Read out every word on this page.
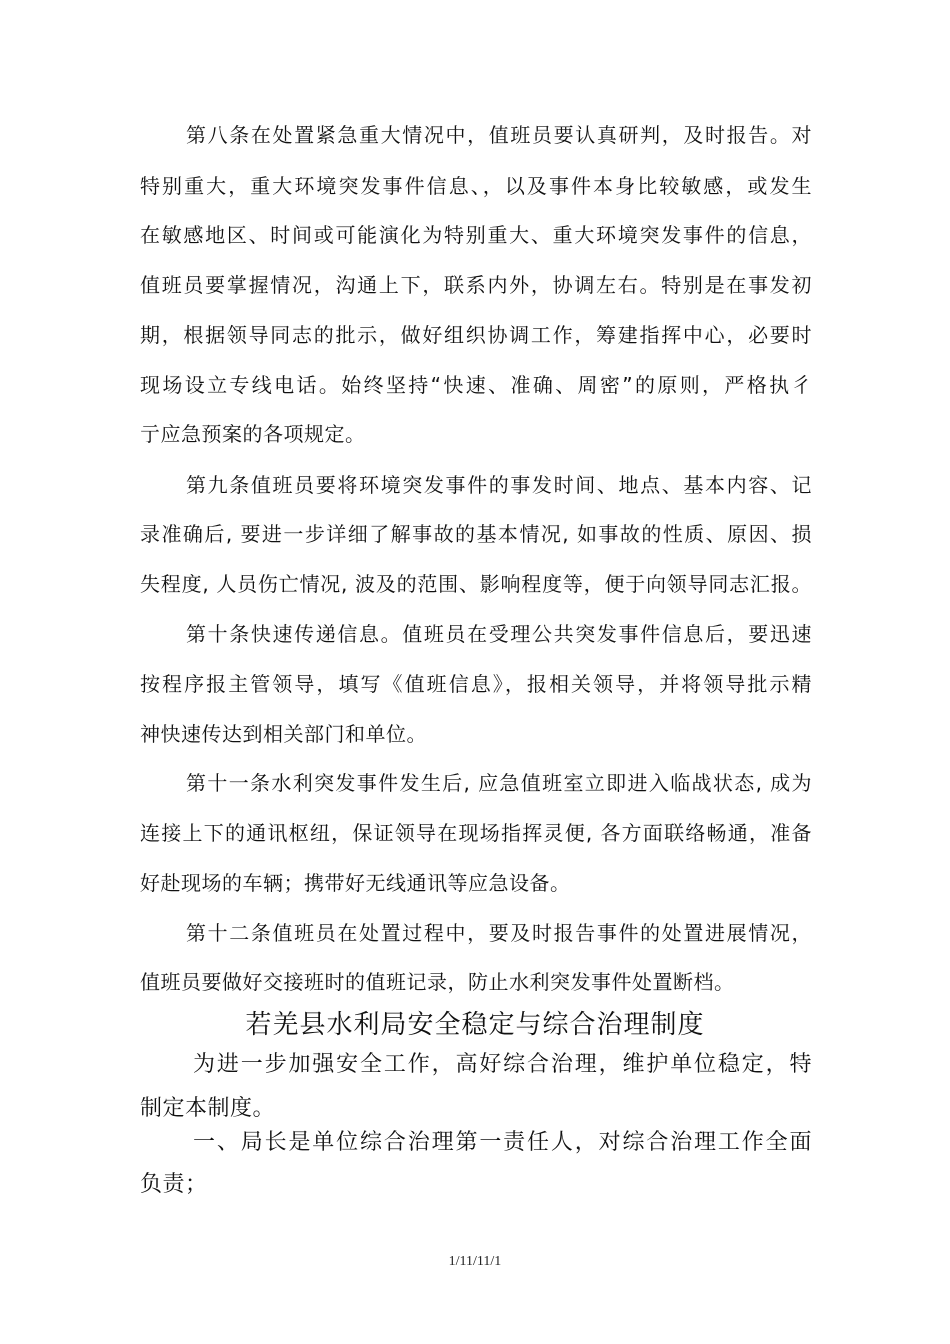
第八条在处置紧急重大情况中，值班员要认真研判，及时报告。对
特别重大，重大环境突发事件信息、，以及事件本身比较敏感，或发生
在敏感地区、时间或可能演化为特别重大、重大环境突发事件的信息，
值班员要掌握情况，沟通上下，联系内外，协调左右。特别是在事发初
期，根据领导同志的批示，做好组织协调工作，筹建指挥中心，必要时
现场设立专线电话。始终坚持“快速、准确、周密”的原则，严格执彳
亍应急预案的各项规定。
第九条值班员要将环境突发事件的事发时间、地点、基本内容、记
录准确后, 要进一步详细了解事故的基本情况, 如事故的性质、原因、损
失程度, 人员伤亡情况, 波及的范围、影响程度等，便于向领导同志汇报。
第十条快速传递信息。值班员在受理公共突发事件信息后，要迅速
按程序报主管领导，填写《值班信息》，报相关领导，并将领导批示精
神快速传达到相关部门和单位。
第十一条水利突发事件发生后, 应急值班室立即进入临战状态, 成为
连接上下的通讯枢纽，保证领导在现场指挥灵便, 各方面联络畅通，准备
好赴现场的车辆；携带好无线通讯等应急设备。
第十二条值班员在处置过程中，要及时报告事件的处置进展情况，
值班员要做好交接班时的值班记录，防止水利突发事件处置断档。
若羌县水利局安全稳定与综合治理制度
为进一步加强安全工作，高好综合治理，维护单位稳定，特
制定本制度。
一、局长是单位综合治理第一责任人，对综合治理工作全面
负责；
1/11/11/1
